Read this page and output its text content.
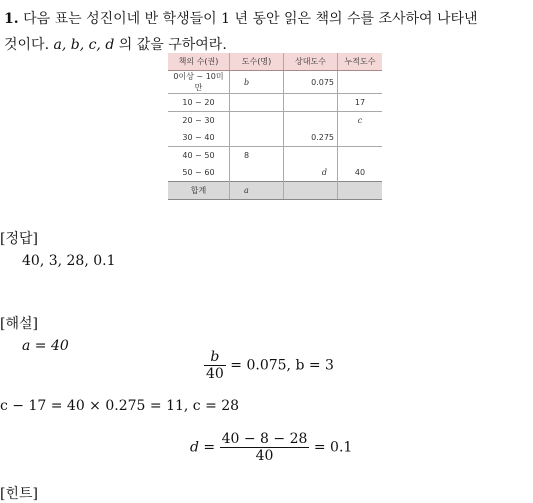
1. 다음 표는 성진이네 반 학생들이 1 년 동안 읽은 책의 수를 조사하여 나타낸
것이다. a, b, c, d 의 값을 구하여라.
책의 수(권)	도수(명)	상대도수	누적도수
0이상 ~ 10미만	b	0.075	
10 ~ 20			17
20 ~ 30			c
30 ~ 40		0.275	
40 ~ 50	8		
50 ~ 60		d	40
합계	a		
[정답]
40, 3, 28, 0.1
[해설]
a = 40
$\frac{b}{40} = 0.075$, b = 3
c − 17 = 40 × 0.275 = 11, c = 28
$d = \frac{40 - 8 - 28}{40} = 0.1$
[힌트]
